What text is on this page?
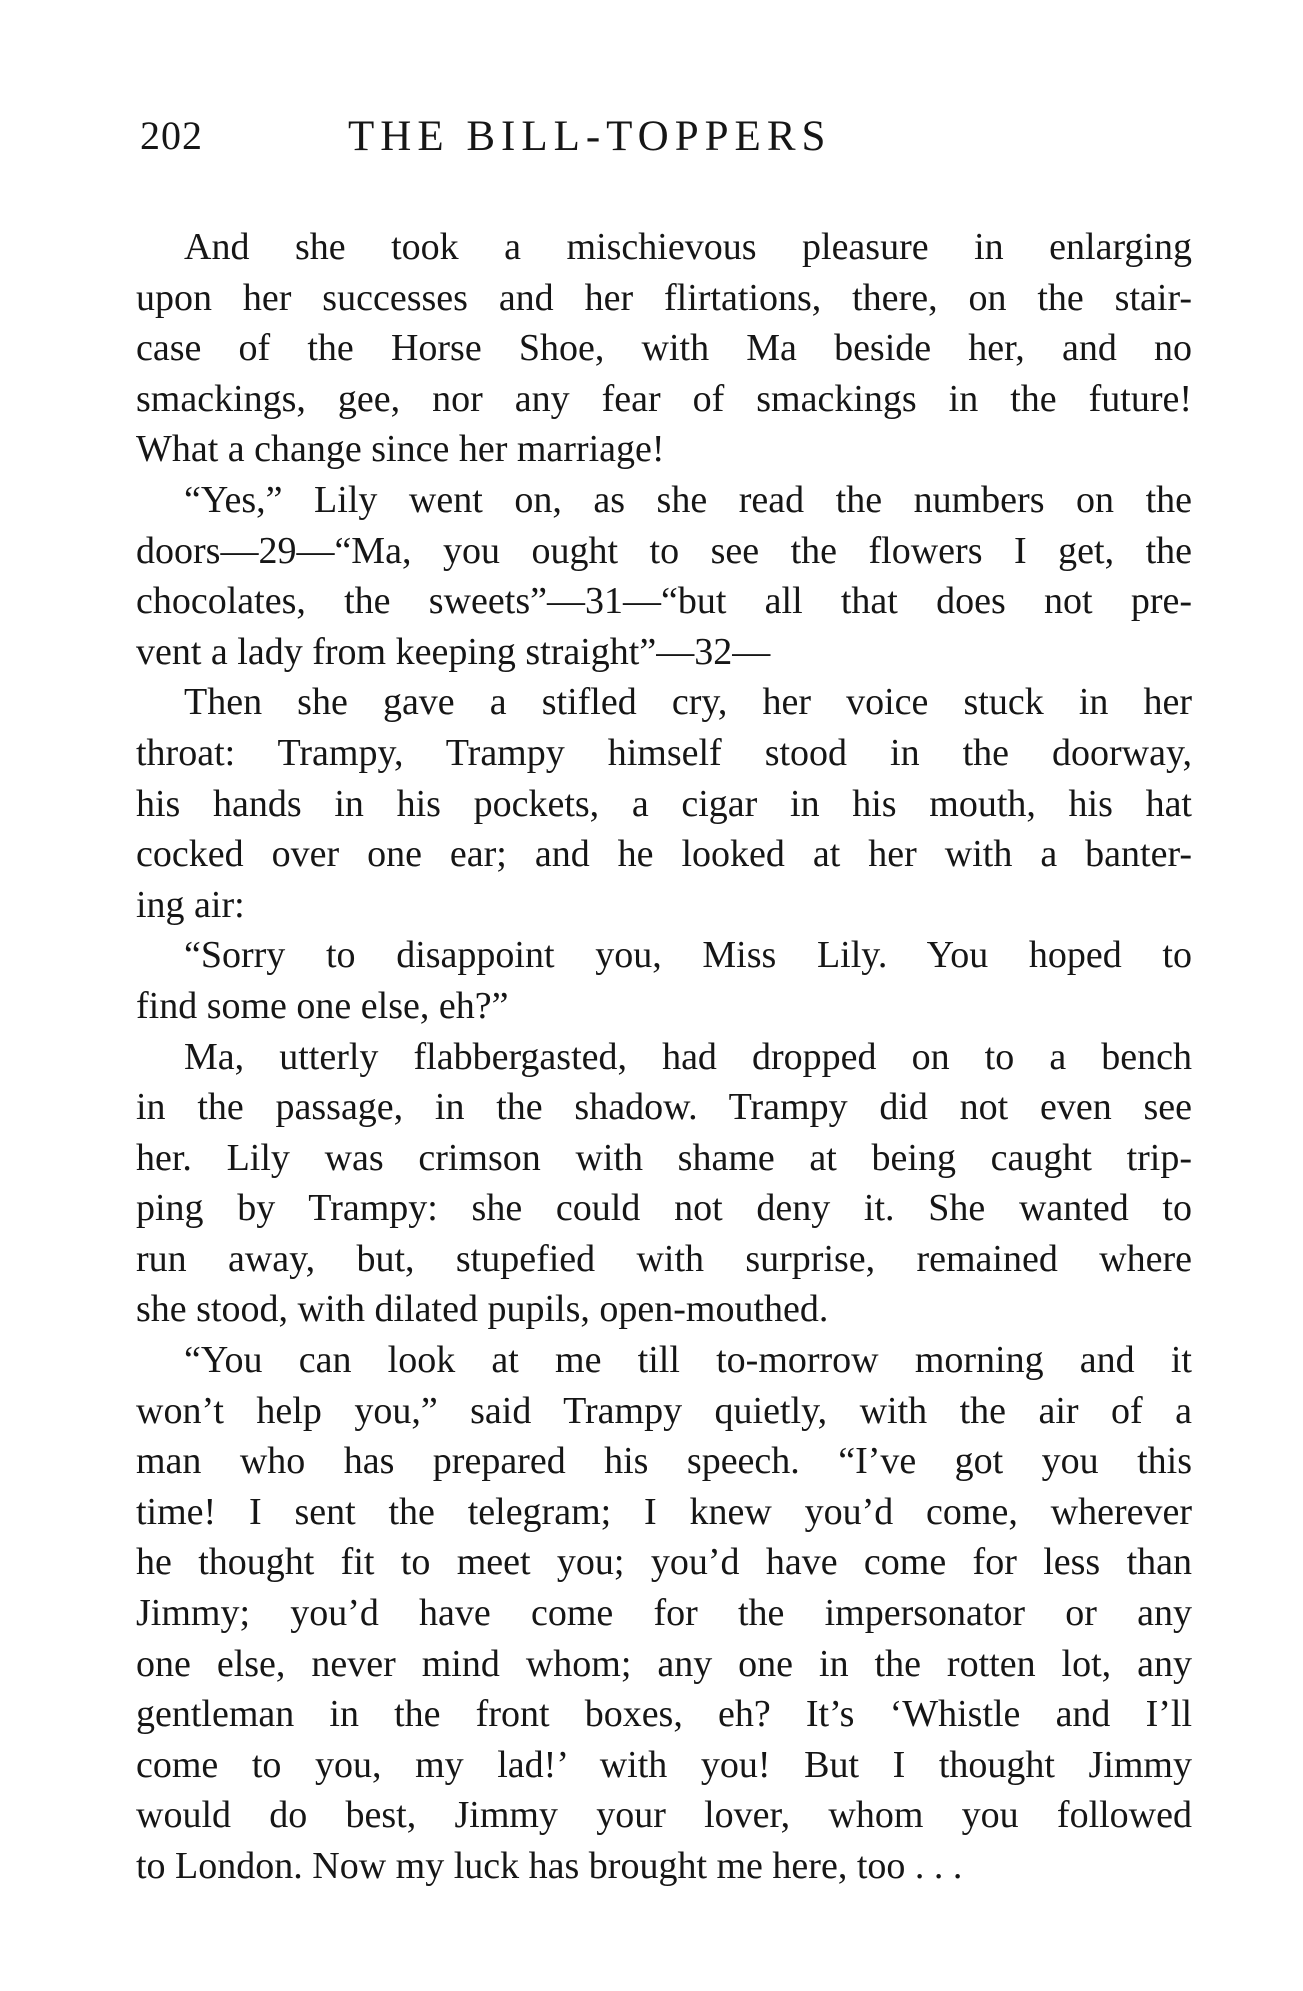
202	THE BILL-TOPPERS
And she took a mischievous pleasure in enlarging
upon her successes and her flirtations, there, on the stair-
case of the Horse Shoe, with Ma beside her, and no
smackings, gee, nor any fear of smackings in the future!
What a change since her marriage!
“Yes,” Lily went on, as she read the numbers on the
doors—29—“Ma, you ought to see the flowers I get, the
chocolates, the sweets”—31—“but all that does not pre-
vent a lady from keeping straight”—32—
Then she gave a stifled cry, her voice stuck in her
throat: Trampy, Trampy himself stood in the doorway,
his hands in his pockets, a cigar in his mouth, his hat
cocked over one ear; and he looked at her with a banter-
ing air:
“Sorry to disappoint you, Miss Lily. You hoped to
find some one else, eh?”
Ma, utterly flabbergasted, had dropped on to a bench
in the passage, in the shadow. Trampy did not even see
her. Lily was crimson with shame at being caught trip-
ping by Trampy: she could not deny it. She wanted to
run away, but, stupefied with surprise, remained where
she stood, with dilated pupils, open-mouthed.
“You can look at me till to-morrow morning and it
won’t help you,” said Trampy quietly, with the air of a
man who has prepared his speech. “I’ve got you this
time! I sent the telegram; I knew you’d come, wherever
he thought fit to meet you; you’d have come for less than
Jimmy; you’d have come for the impersonator or any
one else, never mind whom; any one in the rotten lot, any
gentleman in the front boxes, eh? It’s ‘Whistle and I’ll
come to you, my lad!’ with you! But I thought Jimmy
would do best, Jimmy your lover, whom you followed
to London. Now my luck has brought me here, too . . .
